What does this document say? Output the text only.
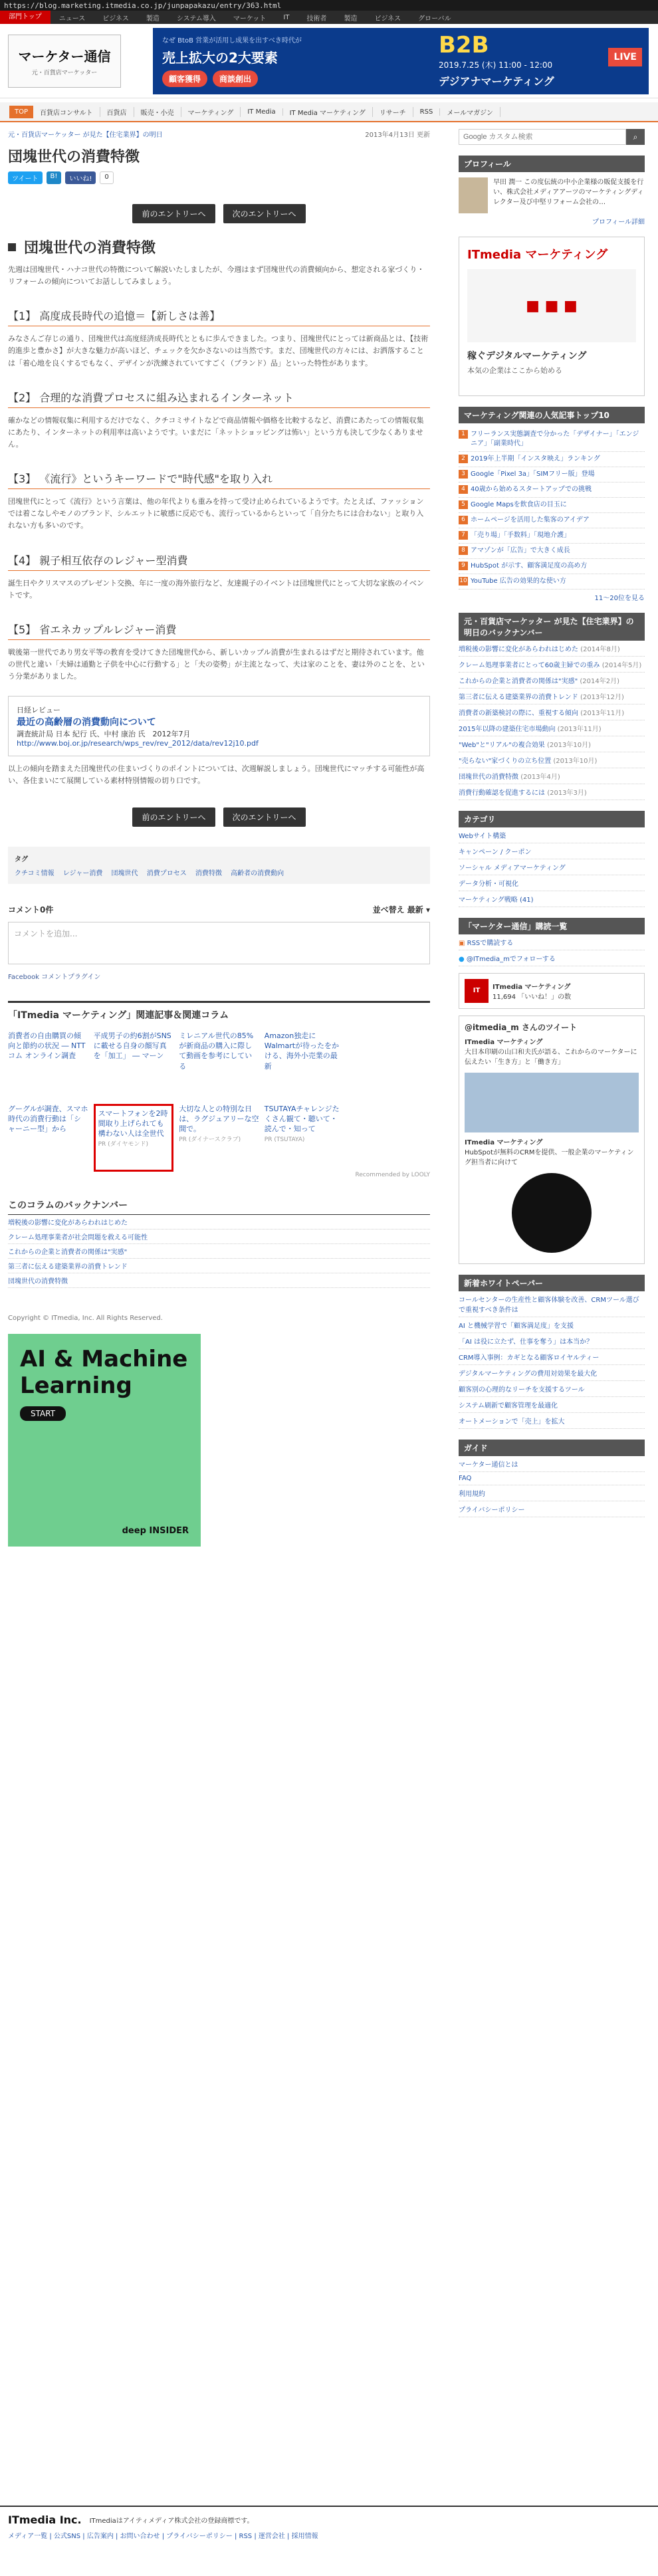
https://blog.marketing.itmedia.co.jp/junpapakazu/entry/363.html
部門トップ	ニュース	ビジネス	製造	システム導入	マーケット	IT	技術者	製造	ビジネス	グローバル
マーケター通信
元・百貨店マーケッター
なぜ BtoB 営業が活用し成果を出すべき時代が
売上拡大の2大要素
顧客獲得	商談創出
B2B
2019.7.25 (木) 11:00 - 12:00
デジアナマーケティング
LIVE
TOP	百貨店コンサルト	百貨店	販売・小売	マーケティング	IT Media	IT Media マーケティング	リサーチ	RSS	メールマガジン
元・百貨店マーケッター が見た【住宅業界】の明日	2013年4月13日 更新
団塊世代の消費特徴
ツイート	B!	いいね!	0
前のエントリーへ	次のエントリーへ
団塊世代の消費特徴

先週は団塊世代・ハナコ世代の特徴について解説いたしましたが、今週はまず団塊世代の消費傾向から、想定される家づくり・リフォームの傾向についてお話ししてみましょう。

【1】 高度成長時代の追憶＝【新しさは善】

みなさんご存じの通り、団塊世代は高度経済成長時代とともに歩んできました。つまり、団塊世代にとっては新商品とは、【技術的進歩と豊かさ】が大きな魅力が高いほど、チェックを欠かさないのは当然です。まだ、団塊世代の方々には、お洒落することは「着心地を良くするでもなく、デザインが洗練されていてすごく（ブランド）品」といった特性があります。

【2】 合理的な消費プロセスに組み込まれるインターネット

確かなどの情報収集に利用するだけでなく、クチコミサイトなどで商品情報や価格を比較するなど、消費にあたっての情報収集にあたり、インターネットの利用率は高いようです。いまだに「ネットショッピングは怖い」という方も決して少なくありません。

【3】 《流行》というキーワードで"時代感"を取り入れ

団塊世代にとって《流行》という言葉は、他の年代よりも重みを持って受け止められているようです。たとえば、ファッションでは着こなしやモノのブランド、シルエットに敏感に反応でも、流行っているからといって「自分たちには合わない」と取り入れない方も多いのです。

【4】 親子相互依存のレジャー型消費

誕生日やクリスマスのプレゼント交換、年に一度の海外旅行など、友達親子のイベントは団塊世代にとって大切な家族のイベントです。

【5】 省エネカップルレジャー消費

戦後第一世代であり男女平等の教育を受けてきた団塊世代から、新しいカップル消費が生まれるはずだと期待されています。他の世代と違い「夫婦は通勤と子供を中心に行動する」と「夫の姿勢」が主流となって、夫は家のことを、妻は外のことを、という分業がありました。

日経レビュー
最近の高齢層の消費動向について
調査統計局 日本 紀行 氏、中村 康治 氏　2012年7月
http://www.boj.or.jp/research/wps_rev/rev_2012/data/rev12j10.pdf

以上の傾向を踏まえた団塊世代の住まいづくりのポイントについては、次週解説しましょう。団塊世代にマッチする可能性が高い、各住まいにて展開している素材特別情報の切り口です。

前のエントリーへ	次のエントリーへ
タグ
クチコミ情報 レジャー消費 団塊世代 消費プロセス 消費特徴 高齢者の消費動向
コメント0件	並べ替え 最新 ▾
コメントを追加...
Facebook コメントプラグイン
「ITmedia マーケティング」関連記事＆関連コラム
消費者の自由購買の傾向と節約の状況 ― NTT コム オンライン調査
平成男子の約6割がSNSに載せる自身の顔写真を「加工」 ― マーン
ミレニアル世代の85%が新商品の購入に際して動画を参考にしている
Amazon独走にWalmartが待ったをかける、海外小売業の最新
グーグルが調査、スマホ時代の消費行動は「シャーニー型」から
スマートフォンを2時間取り上げられても構わない人は全世代
PR (ダイヤモンド)
大切な人との特別な日は、ラグジュアリーな空間で。
PR (ダイナースクラブ)
TSUTAYAチャレンジたくさん観て・聴いて・読んで・知って
PR (TSUTAYA)
Recommended by LOOLY
このコラムのバックナンバー
増税後の影響に変化があらわれはじめた
クレーム処理事業者が社会問題を救える可能性
これからの企業と消費者の関係は"実感"
第三者に伝える建築業界の消費トレンド
団塊世代の消費特徴
Copyright © ITmedia, Inc. All Rights Reserved.
AI & Machine Learning
START
deep INSIDER
Google カスタム検索
⌕
プロフィール
早田 潤一 この度伝統の中小企業様の販促支援を行い、株式会社メディアアーツのマーケティングディレクター及び中堅リフォーム会社の…
プロフィール詳細
ITmedia マーケティング
■ ■ ■
稼ぐデジタルマーケティング
本気の企業はここから始める
マーケティング関連の人気記事トップ10
1 フリーランス実態調査で分かった「デザイナー」「エンジニア」「副業時代」
2 2019年上半期「インスタ映え」ランキング
3 Google「Pixel 3a」「SIMフリー版」登場
4 40歳から始めるスタートアップでの挑戦
5 Google Mapsを飲食店の目玉に
6 ホームページを活用した集客のアイデア
7 「売り場」「手数料」「現地介護」
8 アマゾンが「広告」で大きく成長
9 HubSpot が示す、顧客満足度の高め方
10 YouTube 広告の効果的な使い方
11〜20位を見る
元・百貨店マーケッター が見た【住宅業界】の明日のバックナンバー
増税後の影響に変化があらわれはじめた (2014年8月)
クレーム処理事業者にとって60歳主婦での重み (2014年5月)
これからの企業と消費者の関係は"実感" (2014年2月)
第三者に伝える建築業界の消費トレンド (2013年12月)
消費者の新築検討の際に、重視する傾向 (2013年11月)
2015年以降の建築住宅市場動向 (2013年11月)
"Web"と"リアル"の複合効果 (2013年10月)
"売らない"家づくりの立ち位置 (2013年10月)
団塊世代の消費特徴 (2013年4月)
消費行動確認を促進するには (2013年3月)
カテゴリ
Webサイト構築
キャンペーン / クーポン
ソーシャル メディアマーケティング
データ分析・可視化
マーケティング戦略 (41)
「マーケター通信」購読一覧
▣ RSSで購読する
● @ITmedia_mでフォローする
IT	ITmedia マーケティング
11,694 「いいね！」の数
@itmedia_m さんのツイート
ITmedia マーケティング
大日本印刷の山口和夫氏が語る、これからのマーケターに伝えたい「生き方」と「働き方」
ITmedia マーケティング
HubSpotが無料のCRMを提供、一般企業のマーケティング担当者に向けて
新着ホワイトペーパー
コールセンターの生産性と顧客体験を改善、CRMツール選びで重視すべき条件は
AI と機械学習で「顧客満足度」を支援
「AI は役に立たず、仕事を奪う」は本当か？
CRM導入事例：カギとなる顧客ロイヤルティー
デジタルマーケティングの費用対効果を最大化
顧客別の心理的なリーチを支援するツール
システム刷新で顧客管理を最適化
オートメーションで「売上」を拡大
ガイド
マーケター通信とは
FAQ
利用規約
プライバシーポリシー
ITmedia Inc. ITmediaはアイティメディア株式会社の登録商標です。
メディア一覧 | 公式SNS | 広告案内 | お問い合わせ | プライバシーポリシー | RSS | 運営会社 | 採用情報
